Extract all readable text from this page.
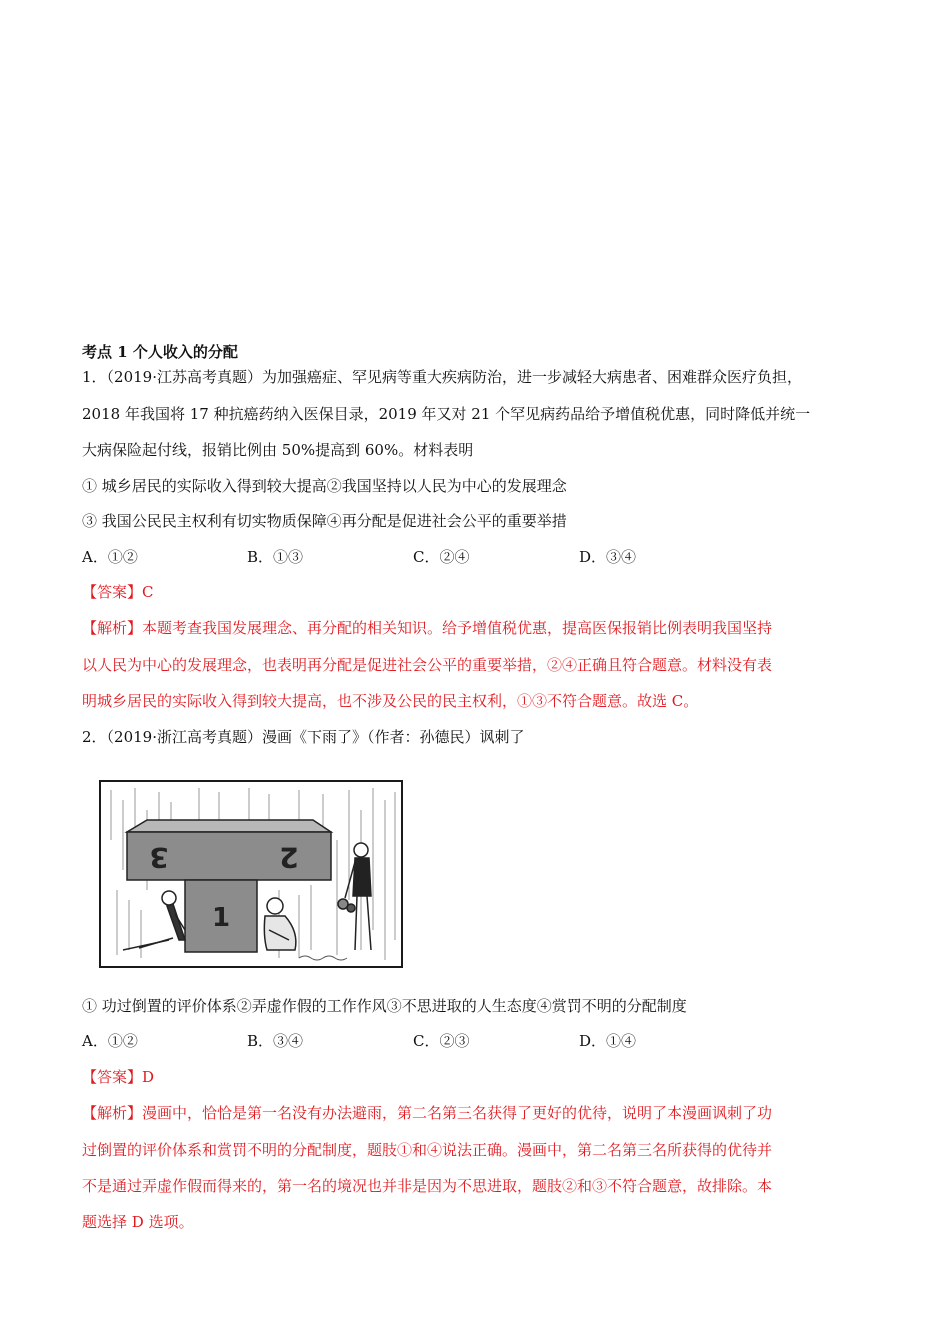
考点 1 个人收入的分配
1．（2019·江苏高考真题）为加强癌症、罕见病等重大疾病防治，进一步减轻大病患者、困难群众医疗负担，
2018 年我国将 17 种抗癌药纳入医保目录，2019 年又对 21 个罕见病药品给予增值税优惠，同时降低并统一
大病保险起付线，报销比例由 50%提高到 60%。材料表明
① 城乡居民的实际收入得到较大提高②我国坚持以人民为中心的发展理念
③ 我国公民民主权利有切实物质保障④再分配是促进社会公平的重要举措
A．①②	B．①③	C．②④	D．③④
【答案】C
【解析】本题考查我国发展理念、再分配的相关知识。给予增值税优惠，提高医保报销比例表明我国坚持
以人民为中心的发展理念，也表明再分配是促进社会公平的重要举措，②④正确且符合题意。材料没有表
明城乡居民的实际收入得到较大提高，也不涉及公民的民主权利，①③不符合题意。故选 C。
2．（2019·浙江高考真题）漫画《下雨了》（作者：孙德民）讽刺了
3	2
1
① 功过倒置的评价体系②弄虚作假的工作作风③不思进取的人生态度④赏罚不明的分配制度
A．①②	B．③④	C．②③	D．①④
【答案】D
【解析】漫画中，恰恰是第一名没有办法避雨，第二名第三名获得了更好的优待，说明了本漫画讽刺了功
过倒置的评价体系和赏罚不明的分配制度，题肢①和④说法正确。漫画中，第二名第三名所获得的优待并
不是通过弄虚作假而得来的，第一名的境况也并非是因为不思进取，题肢②和③不符合题意，故排除。本
题选择 D 选项。
